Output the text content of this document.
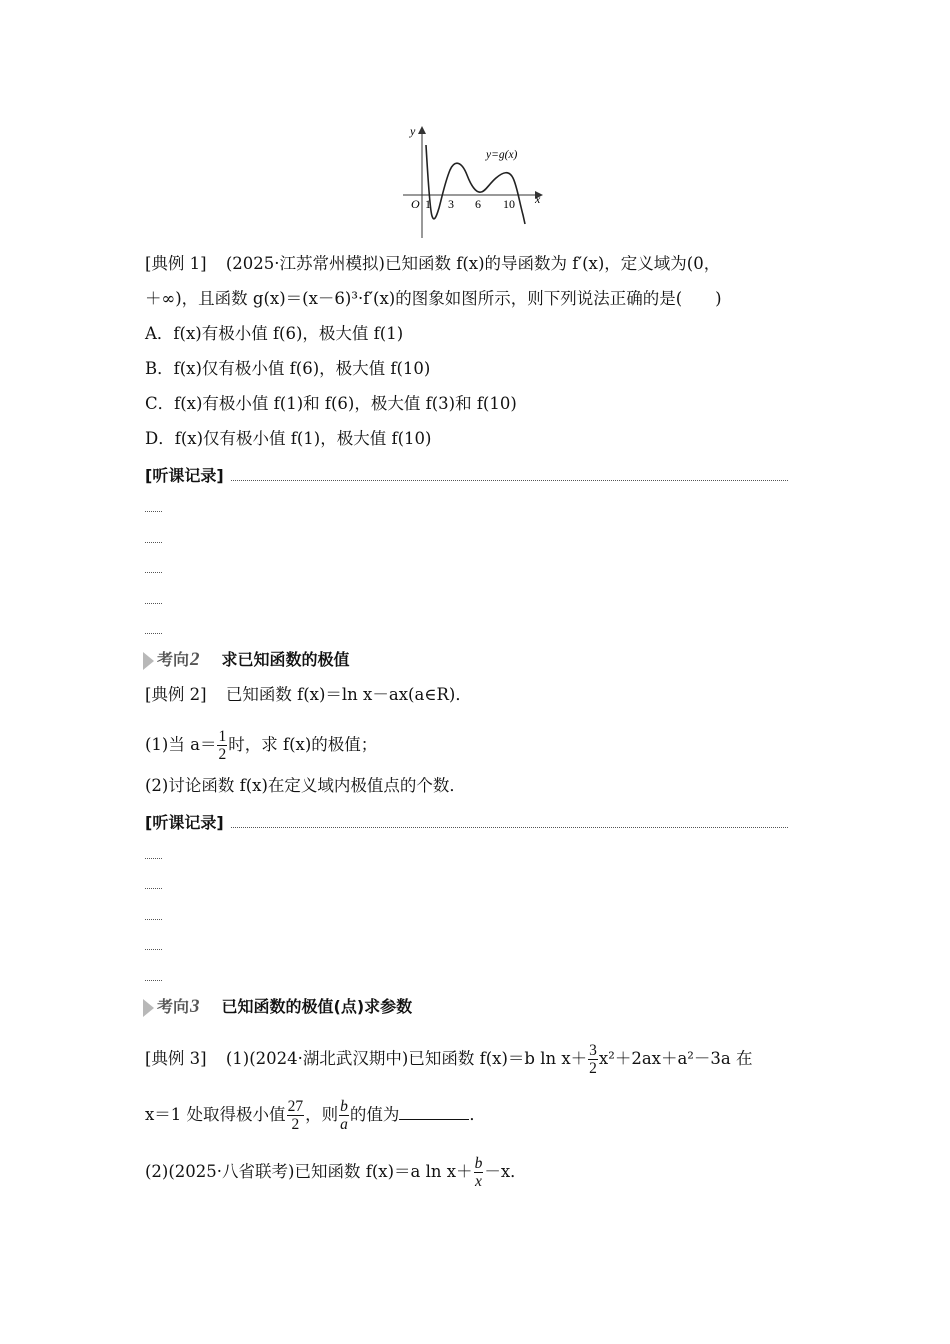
y
x
O 1 3 6 10
y=g(x)
[典例 1] (2025·江苏常州模拟)已知函数 f(x)的导函数为 f′(x)，定义域为(0，
＋∞)，且函数 g(x)＝(x－6)³·f′(x)的图象如图所示，则下列说法正确的是(　　)
A．f(x)有极小值 f(6)，极大值 f(1)
B．f(x)仅有极小值 f(6)，极大值 f(10)
C．f(x)有极小值 f(1)和 f(6)，极大值 f(3)和 f(10)
D．f(x)仅有极小值 f(1)，极大值 f(10)
[听课记录]
考向2 求已知函数的极值
[典例 2] 已知函数 f(x)＝ln x－ax(a∈R)．
(1)当 $a= \frac{1}{2}$ 时，求 f(x)的极值；
(2)讨论函数 f(x)在定义域内极值点的个数．
[听课记录]
考向3 已知函数的极值(点)求参数
[典例 3] (1)(2024·湖北武汉期中)已知函数 f(x)＝b $\ln x+ \frac{3}{2} x^2+2ax+a^2-3a$ 在
x＝1 处取得极小值 $\frac{27}{2}$ ，则 $\frac{b}{a}$ 的值为	．
(2)(2025·八省联考)已知函数 f(x)＝a $\ln x+ \frac{b}{x} -x$．
